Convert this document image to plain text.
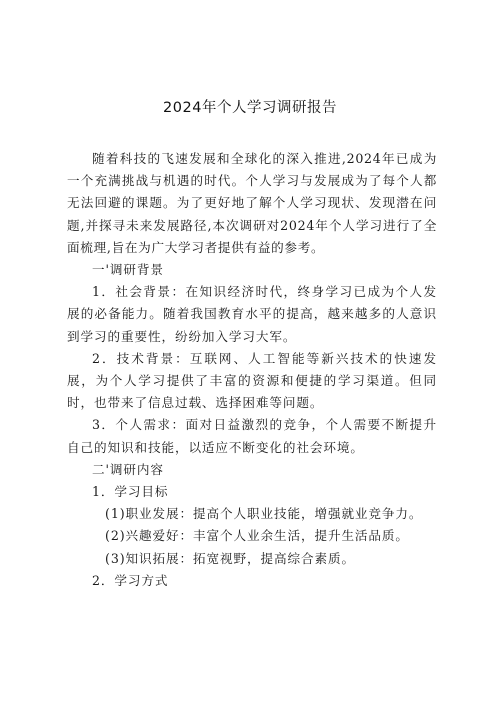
2024年个人学习调研报告

随着科技的飞速发展和全球化的深入推进,2024年已成为一个充满挑战与机遇的时代。个人学习与发展成为了每个人都无法回避的课题。为了更好地了解个人学习现状、发现潜在问题,并探寻未来发展路径,本次调研对2024年个人学习进行了全面梳理,旨在为广大学习者提供有益的参考。

一'调研背景

1．社会背景：在知识经济时代，终身学习已成为个人发展的必备能力。随着我国教育水平的提高，越来越多的人意识到学习的重要性，纷纷加入学习大军。

2．技术背景：互联网、人工智能等新兴技术的快速发展，为个人学习提供了丰富的资源和便捷的学习渠道。但同时，也带来了信息过载、选择困难等问题。

3．个人需求：面对日益激烈的竞争，个人需要不断提升自己的知识和技能，以适应不断变化的社会环境。

二'调研内容

1．学习目标

(1)职业发展：提高个人职业技能，增强就业竞争力。

(2)兴趣爱好：丰富个人业余生活，提升生活品质。

(3)知识拓展：拓宽视野，提高综合素质。

2．学习方式
